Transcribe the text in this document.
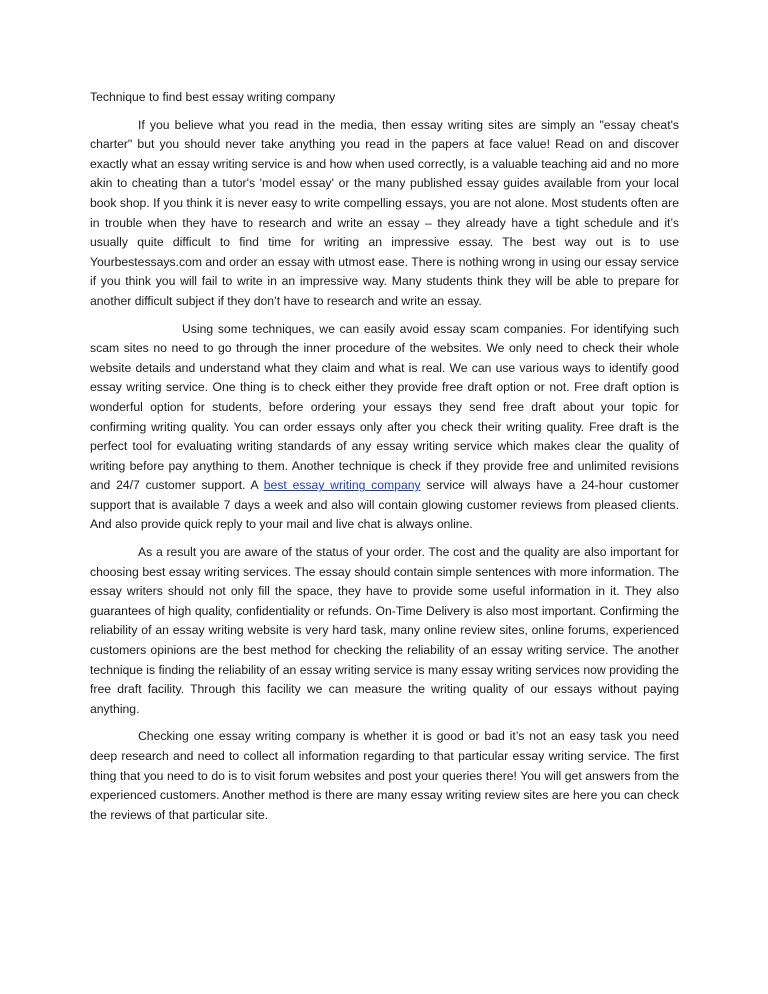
Technique to find best essay writing company

If you believe what you read in the media, then essay writing sites are simply an "essay cheat's charter" but you should never take anything you read in the papers at face value! Read on and discover exactly what an essay writing service is and how when used correctly, is a valuable teaching aid and no more akin to cheating than a tutor's 'model essay' or the many published essay guides available from your local book shop. If you think it is never easy to write compelling essays, you are not alone. Most students often are in trouble when they have to research and write an essay – they already have a tight schedule and it’s usually quite difficult to find time for writing an impressive essay. The best way out is to use Yourbestessays.com and order an essay with utmost ease. There is nothing wrong in using our essay service if you think you will fail to write in an impressive way. Many students think they will be able to prepare for another difficult subject if they don’t have to research and write an essay.

Using some techniques, we can easily avoid essay scam companies. For identifying such scam sites no need to go through the inner procedure of the websites. We only need to check their whole website details and understand what they claim and what is real. We can use various ways to identify good essay writing service. One thing is to check either they provide free draft option or not. Free draft option is wonderful option for students, before ordering your essays they send free draft about your topic for confirming writing quality. You can order essays only after you check their writing quality. Free draft is the perfect tool for evaluating writing standards of any essay writing service which makes clear the quality of writing before pay anything to them. Another technique is check if they provide free and unlimited revisions and 24/7 customer support. A best essay writing company service will always have a 24-hour customer support that is available 7 days a week and also will contain glowing customer reviews from pleased clients. And also provide quick reply to your mail and live chat is always online.

As a result you are aware of the status of your order. The cost and the quality are also important for choosing best essay writing services. The essay should contain simple sentences with more information. The essay writers should not only fill the space, they have to provide some useful information in it. They also guarantees of high quality, confidentiality or refunds. On-Time Delivery is also most important. Confirming the reliability of an essay writing website is very hard task, many online review sites, online forums, experienced customers opinions are the best method for checking the reliability of an essay writing service. The another technique is finding the reliability of an essay writing service is many essay writing services now providing the free draft facility. Through this facility we can measure the writing quality of our essays without paying anything.

Checking one essay writing company is whether it is good or bad it’s not an easy task you need deep research and need to collect all information regarding to that particular essay writing service. The first thing that you need to do is to visit forum websites and post your queries there! You will get answers from the experienced customers. Another method is there are many essay writing review sites are here you can check the reviews of that particular site.
